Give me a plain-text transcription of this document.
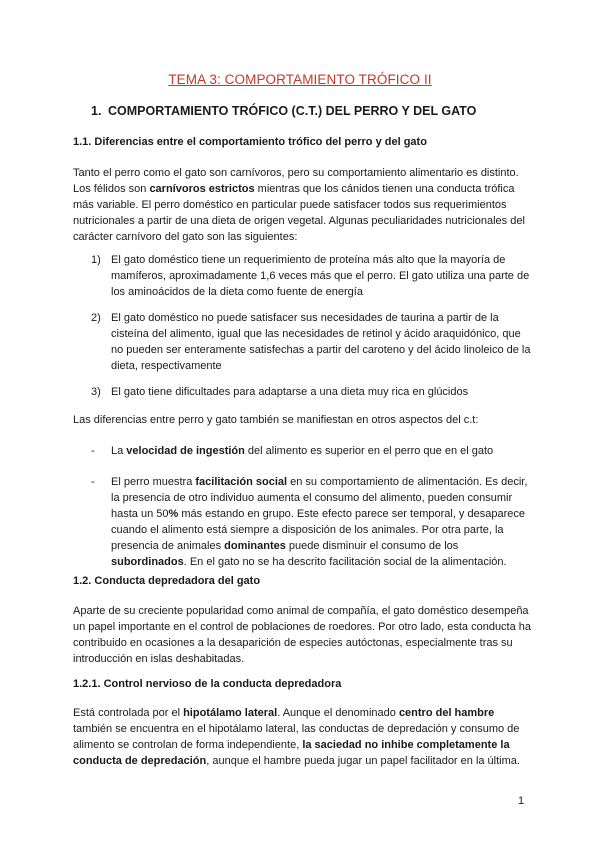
TEMA 3: COMPORTAMIENTO TRÓFICO II
1. COMPORTAMIENTO TRÓFICO (C.T.) DEL PERRO Y DEL GATO
1.1. Diferencias entre el comportamiento trófico del perro y del gato
Tanto el perro como el gato son carnívoros, pero su comportamiento alimentario es distinto. Los félidos son carnívoros estrictos mientras que los cánidos tienen una conducta trófica más variable. El perro doméstico en particular puede satisfacer todos sus requerimientos nutricionales a partir de una dieta de origen vegetal. Algunas peculiaridades nutricionales del carácter carnívoro del gato son las siguientes:
1) El gato doméstico tiene un requerimiento de proteína más alto que la mayoría de mamíferos, aproximadamente 1,6 veces más que el perro. El gato utiliza una parte de los aminoácidos de la dieta como fuente de energía
2) El gato doméstico no puede satisfacer sus necesidades de taurina a partir de la cisteína del alimento, igual que las necesidades de retinol y ácido araquidónico, que no pueden ser enteramente satisfechas a partir del caroteno y del ácido linoleico de la dieta, respectivamente
3) El gato tiene dificultades para adaptarse a una dieta muy rica en glúcidos
Las diferencias entre perro y gato también se manifiestan en otros aspectos del c.t:
- La velocidad de ingestión del alimento es superior en el perro que en el gato
- El perro muestra facilitación social en su comportamiento de alimentación. Es decir, la presencia de otro individuo aumenta el consumo del alimento, pueden consumir hasta un 50% más estando en grupo. Este efecto parece ser temporal, y desaparece cuando el alimento está siempre a disposición de los animales. Por otra parte, la presencia de animales dominantes puede disminuir el consumo de los subordinados. En el gato no se ha descrito facilitación social de la alimentación.
1.2. Conducta depredadora del gato
Aparte de su creciente popularidad como animal de compañía, el gato doméstico desempeña un papel importante en el control de poblaciones de roedores. Por otro lado, esta conducta ha contribuido en ocasiones a la desaparición de especies autóctonas, especialmente tras su introducción en islas deshabitadas.
1.2.1. Control nervioso de la conducta depredadora
Está controlada por el hipotálamo lateral. Aunque el denominado centro del hambre también se encuentra en el hipotálamo lateral, las conductas de depredación y consumo de alimento se controlan de forma independiente, la saciedad no inhibe completamente la conducta de depredación, aunque el hambre pueda jugar un papel facilitador en la última.
1
